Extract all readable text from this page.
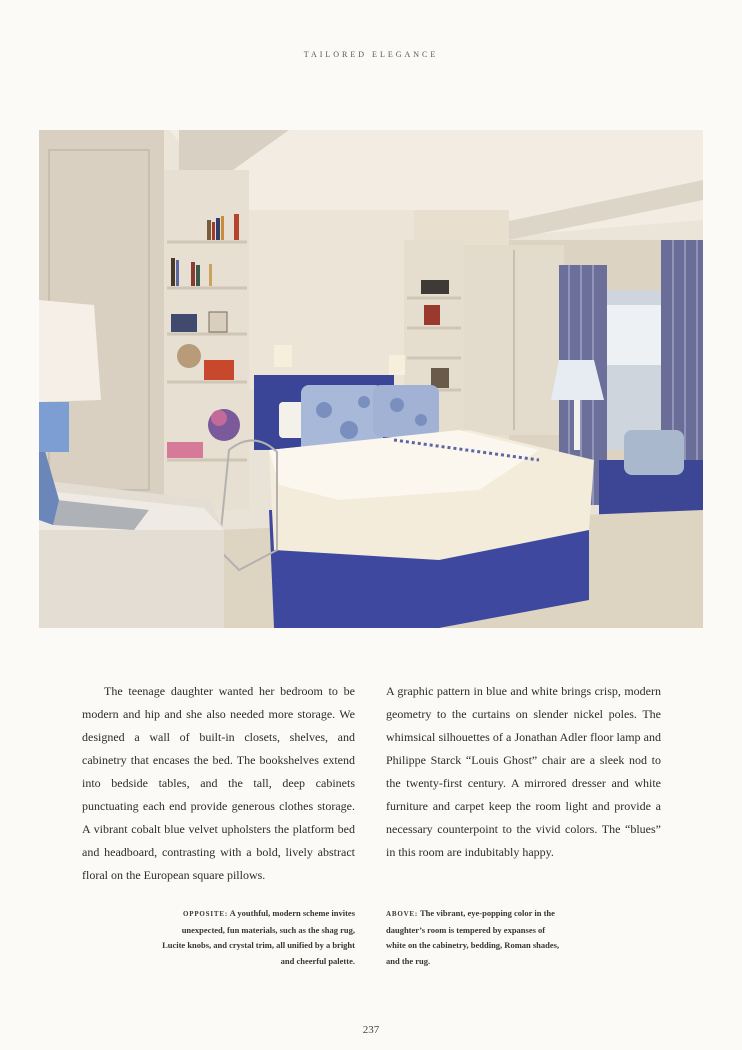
TAILORED ELEGANCE
The teenage daughter wanted her bedroom to be modern and hip and she also needed more storage. We designed a wall of built-in closets, shelves, and cabinetry that encases the bed. The bookshelves extend into bedside tables, and the tall, deep cabinets punctuating each end provide generous clothes storage. A vibrant cobalt blue velvet upholsters the platform bed and headboard, contrasting with a bold, lively abstract floral on the European square pillows.
A graphic pattern in blue and white brings crisp, modern geometry to the curtains on slender nickel poles. The whimsical silhouettes of a Jonathan Adler floor lamp and Philippe Starck “Louis Ghost” chair are a sleek nod to the twenty-first century. A mirrored dresser and white furniture and carpet keep the room light and provide a necessary counterpoint to the vivid colors. The “blues” in this room are indubitably happy.
OPPOSITE: A youthful, modern scheme invites unexpected, fun materials, such as the shag rug, Lucite knobs, and crystal trim, all unified by a bright and cheerful palette.
ABOVE: The vibrant, eye-popping color in the daughter’s room is tempered by expanses of white on the cabinetry, bedding, Roman shades, and the rug.
237
